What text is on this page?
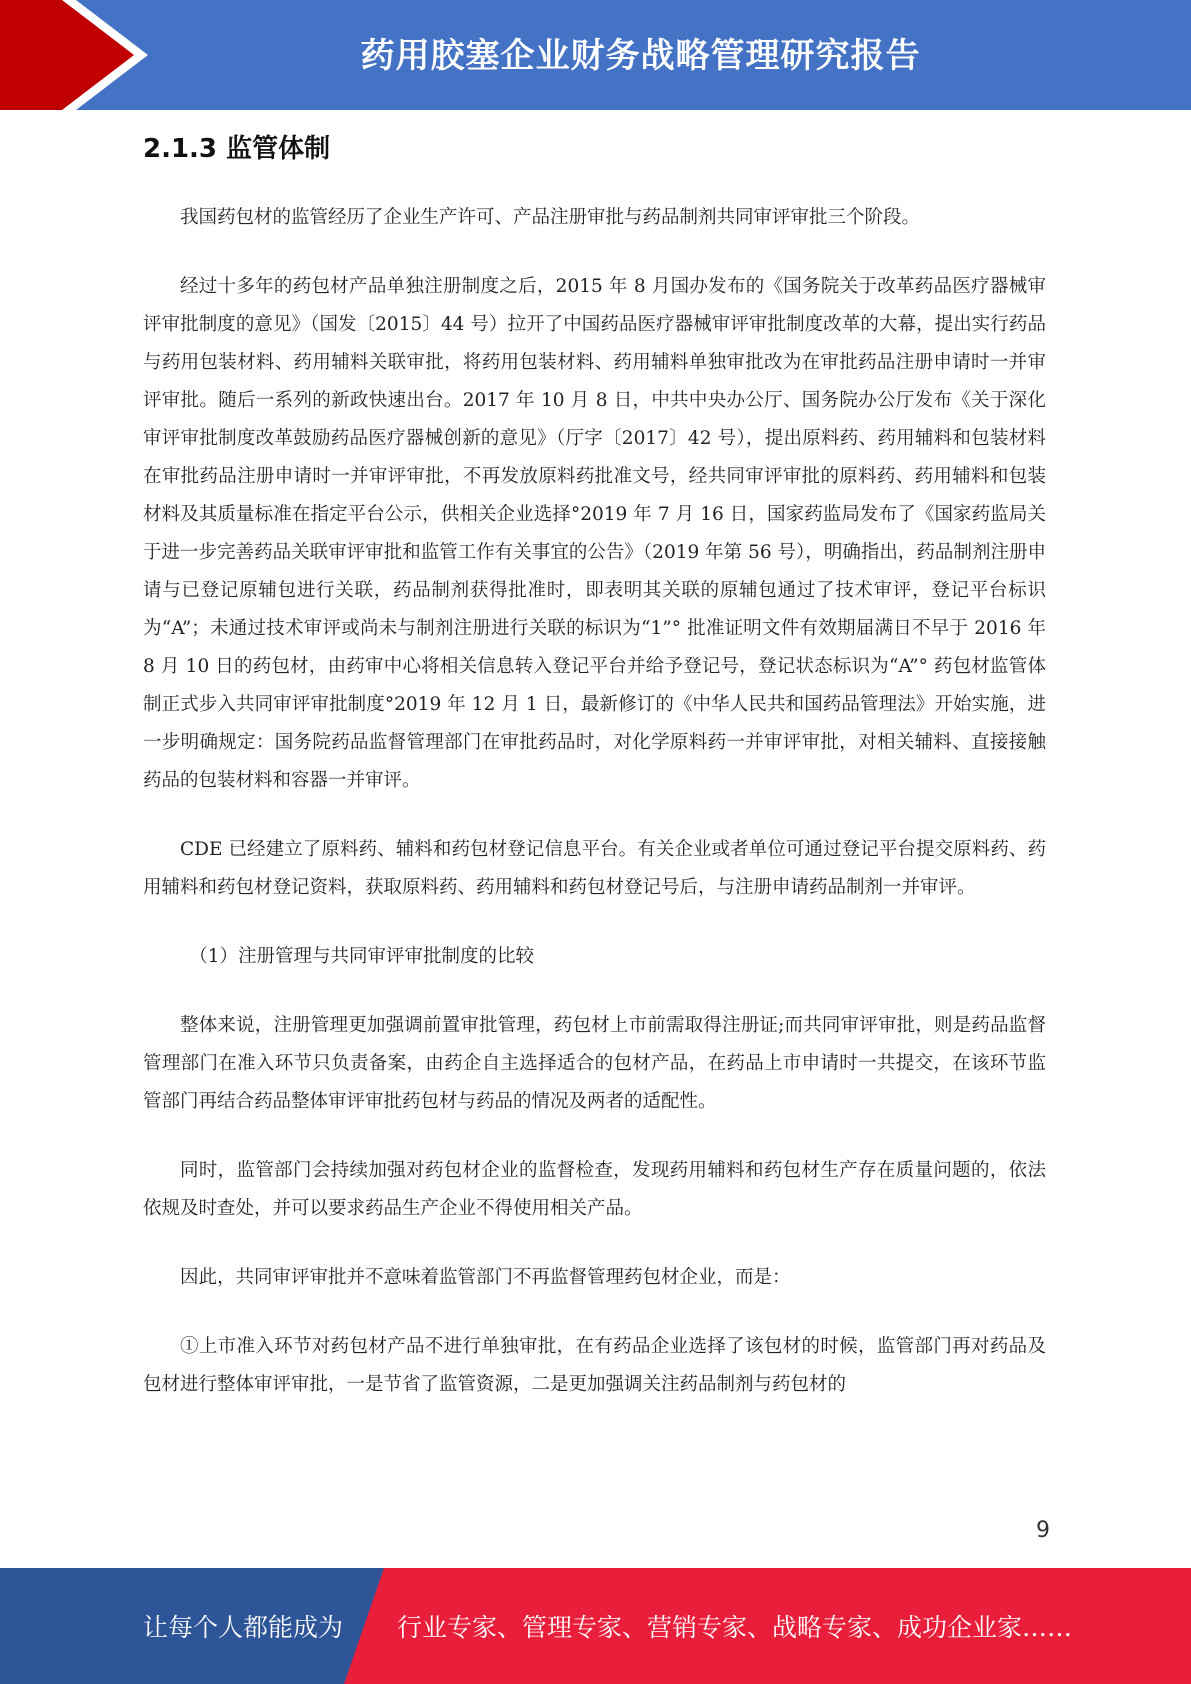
药用胶塞企业财务战略管理研究报告
2.1.3 监管体制

我国药包材的监管经历了企业生产许可、产品注册审批与药品制剂共同审评审批三个阶段。

经过十多年的药包材产品单独注册制度之后，2015 年 8 月国办发布的《国务院关于改革药品医疗器械审评审批制度的意见》（国发〔2015〕44 号）拉开了中国药品医疗器械审评审批制度改革的大幕，提出实行药品与药用包装材料、药用辅料关联审批，将药用包装材料、药用辅料单独审批改为在审批药品注册申请时一并审评审批。随后一系列的新政快速出台。2017 年 10 月 8 日，中共中央办公厅、国务院办公厅发布《关于深化审评审批制度改革鼓励药品医疗器械创新的意见》（厅字〔2017〕42 号），提出原料药、药用辅料和包装材料在审批药品注册申请时一并审评审批，不再发放原料药批准文号，经共同审评审批的原料药、药用辅料和包装材料及其质量标准在指定平台公示，供相关企业选择°2019 年 7 月 16 日，国家药监局发布了《国家药监局关于进一步完善药品关联审评审批和监管工作有关事宜的公告》（2019 年第 56 号），明确指出，药品制剂注册申请与已登记原辅包进行关联，药品制剂获得批准时，即表明其关联的原辅包通过了技术审评，登记平台标识为“A”；未通过技术审评或尚未与制剂注册进行关联的标识为“1”° 批准证明文件有效期届满日不早于 2016 年 8 月 10 日的药包材，由药审中心将相关信息转入登记平台并给予登记号，登记状态标识为“A”° 药包材监管体制正式步入共同审评审批制度°2019 年 12 月 1 日，最新修订的《中华人民共和国药品管理法》开始实施，进一步明确规定：国务院药品监督管理部门在审批药品时，对化学原料药一并审评审批，对相关辅料、直接接触药品的包装材料和容器一并审评。

CDE 已经建立了原料药、辅料和药包材登记信息平台。有关企业或者单位可通过登记平台提交原料药、药用辅料和药包材登记资料，获取原料药、药用辅料和药包材登记号后，与注册申请药品制剂一并审评。

（1）注册管理与共同审评审批制度的比较

整体来说，注册管理更加强调前置审批管理，药包材上市前需取得注册证;而共同审评审批，则是药品监督管理部门在准入环节只负责备案，由药企自主选择适合的包材产品，在药品上市申请时一共提交，在该环节监管部门再结合药品整体审评审批药包材与药品的情况及两者的适配性。

同时，监管部门会持续加强对药包材企业的监督检查，发现药用辅料和药包材生产存在质量问题的，依法依规及时查处，并可以要求药品生产企业不得使用相关产品。

因此，共同审评审批并不意味着监管部门不再监督管理药包材企业，而是：

①上市准入环节对药包材产品不进行单独审批，在有药品企业选择了该包材的时候，监管部门再对药品及包材进行整体审评审批，一是节省了监管资源，二是更加强调关注药品制剂与药包材的

9
让每个人都能成为 行业专家、管理专家、营销专家、战略专家、成功企业家……
